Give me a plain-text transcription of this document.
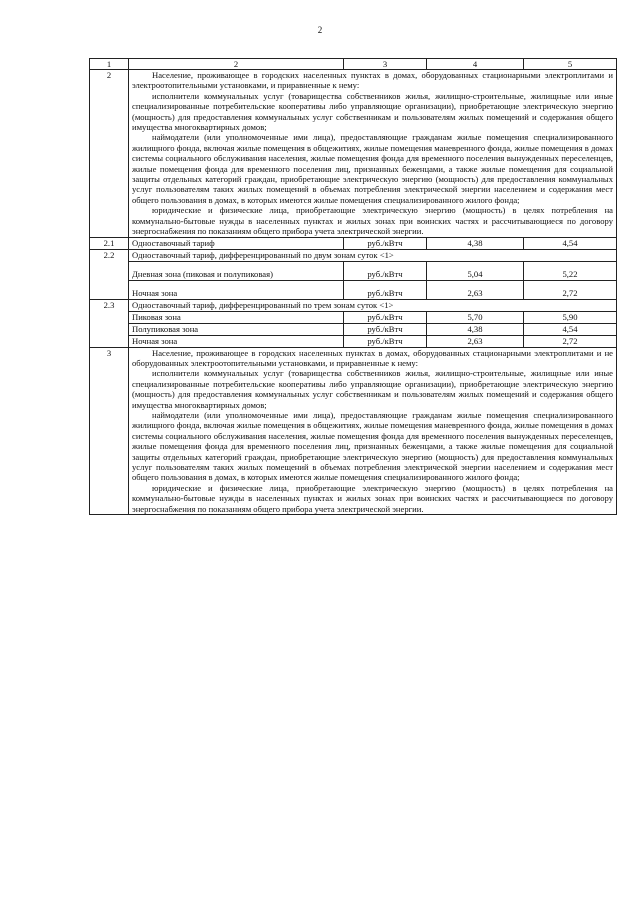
2
1	2	3	4	5
2	Население, проживающее в городских населенных пунктах в домах, оборудованных стационарными электроплитами и электроотопительными установками, и приравненные к нему:

исполнители коммунальных услуг (товарищества собственников жилья, жилищно-строительные, жилищные или иные специализированные потребительские кооперативы либо управляющие организации), приобретающие электрическую энергию (мощность) для предоставления коммунальных услуг собственникам и пользователям жилых помещений и содержания общего имущества многоквартирных домов;

наймодатели (или уполномоченные ими лица), предоставляющие гражданам жилые помещения специализированного жилищного фонда, включая жилые помещения в общежитиях, жилые помещения маневренного фонда, жилые помещения в домах системы социального обслуживания населения, жилые помещения фонда для временного поселения вынужденных переселенцев, жилые помещения фонда для временного поселения лиц, признанных беженцами, а также жилые помещения для социальной защиты отдельных категорий граждан, приобретающие электрическую энергию (мощность) для предоставления коммунальных услуг пользователям таких жилых помещений в объемах потребления электрической энергии населением и содержания мест общего пользования в домах, в которых имеются жилые помещения специализированного жилого фонда;

юридические и физические лица, приобретающие электрическую энергию (мощность) в целях потребления на коммунально-бытовые нужды в населенных пунктах и жилых зонах при воинских частях и рассчитывающиеся по договору энергоснабжения по показаниям общего прибора учета электрической энергии.			

2.1	Одноставочный тариф	руб./кВтч	4,38	4,54
2.2	Одноставочный тариф, дифференцированный по двум зонам суток <1>			
	Дневная зона (пиковая и полупиковая)	руб./кВтч	5,04	5,22
	Ночная зона	руб./кВтч	2,63	2,72
2.3	Одноставочный тариф, дифференцированный по трем зонам суток <1>			
	Пиковая зона	руб./кВтч	5,70	5,90
	Полупиковая зона	руб./кВтч	4,38	4,54
	Ночная зона	руб./кВтч	2,63	2,72
3	Население, проживающее в городских населенных пунктах в домах, оборудованных стационарными электроплитами и не оборудованных электроотопительными установками, и приравненные к нему:

исполнители коммунальных услуг (товарищества собственников жилья, жилищно-строительные, жилищные или иные специализированные потребительские кооперативы либо управляющие организации), приобретающие электрическую энергию (мощность) для предоставления коммунальных услуг собственникам и пользователям жилых помещений и содержания общего имущества многоквартирных домов;

наймодатели (или уполномоченные ими лица), предоставляющие гражданам жилые помещения специализированного жилищного фонда, включая жилые помещения в общежитиях, жилые помещения маневренного фонда, жилые помещения в домах системы социального обслуживания населения, жилые помещения фонда для временного поселения вынужденных переселенцев, жилые помещения фонда для временного поселения лиц, признанных беженцами, а также жилые помещения для социальной защиты отдельных категорий граждан, приобретающие электрическую энергию (мощность) для предоставления коммунальных услуг пользователям таких жилых помещений в объемах потребления электрической энергии населением и содержания мест общего пользования в домах, в которых имеются жилые помещения специализированного жилого фонда;

юридические и физические лица, приобретающие электрическую энергию (мощность) в целях потребления на коммунально-бытовые нужды в населенных пунктах и жилых зонах при воинских частях и рассчитывающиеся по договору энергоснабжения по показаниям общего прибора учета электрической энергии.			
